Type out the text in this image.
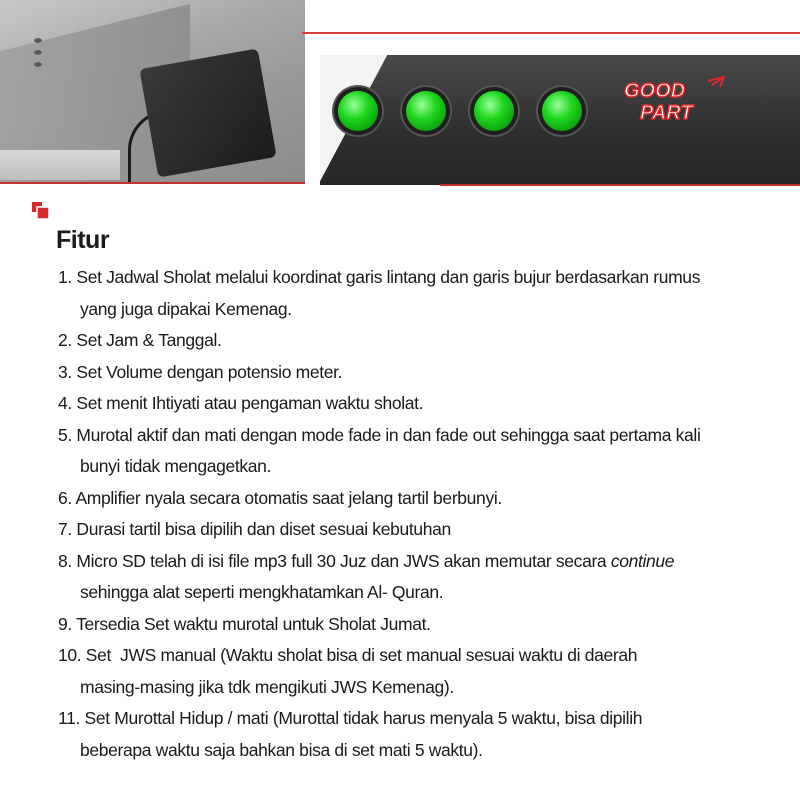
GOOD
PART
Fitur
1. Set Jadwal Sholat melalui koordinat garis lintang dan garis bujur berdasarkan rumus
yang juga dipakai Kemenag.
2. Set Jam & Tanggal.
3. Set Volume dengan potensio meter.
4. Set menit Ihtiyati atau pengaman waktu sholat.
5. Murotal aktif dan mati dengan mode fade in dan fade out sehingga saat pertama kali
bunyi tidak mengagetkan.
6. Amplifier nyala secara otomatis saat jelang tartil berbunyi.
7. Durasi tartil bisa dipilih dan diset sesuai kebutuhan
8. Micro SD telah di isi file mp3 full 30 Juz dan JWS akan memutar secara continue
sehingga alat seperti mengkhatamkan Al- Quran.
9. Tersedia Set waktu murotal untuk Sholat Jumat.
10. Set  JWS manual (Waktu sholat bisa di set manual sesuai waktu di daerah
masing-masing jika tdk mengikuti JWS Kemenag).
11. Set Murottal Hidup / mati (Murottal tidak harus menyala 5 waktu, bisa dipilih
beberapa waktu saja bahkan bisa di set mati 5 waktu).
